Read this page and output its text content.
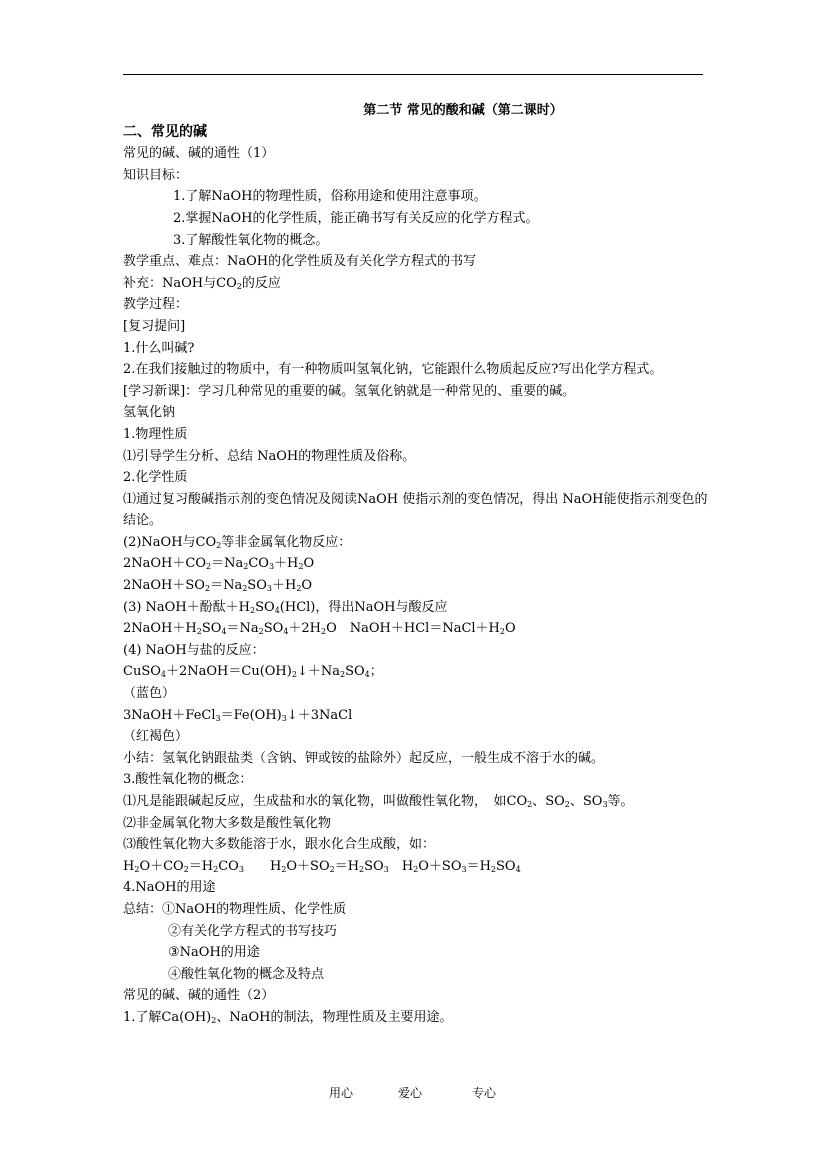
第二节 常见的酸和碱（第二课时）
二、常见的碱
常见的碱、碱的通性（1）
知识目标：
1.了解NaOH的物理性质，俗称用途和使用注意事项。
2.掌握NaOH的化学性质，能正确书写有关反应的化学方程式。
3.了解酸性氧化物的概念。
教学重点、难点：NaOH的化学性质及有关化学方程式的书写
补充：NaOH与$CO_2$的反应
教学过程：
[复习提问]
1.什么叫碱?
2.在我们接触过的物质中，有一种物质叫氢氧化钠，它能跟什么物质起反应?写出化学方程式。
[学习新课]：学习几种常见的重要的碱。氢氧化钠就是一种常见的、重要的碱。
氢氧化钠
1.物理性质
⑴引导学生分析、总结 NaOH的物理性质及俗称。
2.化学性质
⑴通过复习酸碱指示剂的变色情况及阅读NaOH 使指示剂的变色情况，得出 NaOH能使指示剂变色的结论。
(2)NaOH与$CO_2$等非金属氧化物反应：
$2NaOH+CO_2=Na_2CO_3+H_2O$
$2NaOH+SO_2=Na_2SO_3+H_2O$
(3) NaOH＋酚酞$+H_2SO_4(HCl)$，得出NaOH与酸反应
$2NaOH+H_2SO_4=Na_2SO_4+2H_2O$　$NaOH+HCl=NaCl+H_2O$
(4) NaOH与盐的反应：
$CuSO_4+2NaOH=Cu(OH)_2↓+Na_2SO_4$；
（蓝色）
$3NaOH+FeCl_3=Fe(OH)_3↓+3NaCl$
（红褐色）
小结：氢氧化钠跟盐类（含钠、钾或铵的盐除外）起反应，一般生成不溶于水的碱。
3.酸性氧化物的概念：
⑴凡是能跟碱起反应，生成盐和水的氧化物，叫做酸性氧化物，　如$CO_2$、$SO_2$、$SO_3$等。
⑵非金属氧化物大多数是酸性氧化物
⑶酸性氧化物大多数能溶于水，跟水化合生成酸，如：
$H_2O+CO_2=H_2CO_3$　　$H_2O+SO_2=H_2SO_3$　$H_2O+SO_3=H_2SO_4$
4.NaOH的用途
总结：①NaOH的物理性质、化学性质
②有关化学方程式的书写技巧
③NaOH的用途
④酸性氧化物的概念及特点
常见的碱、碱的通性（2）
1.了解$Ca(OH)_2$、NaOH的制法，物理性质及主要用途。
用心	爱心	专心
